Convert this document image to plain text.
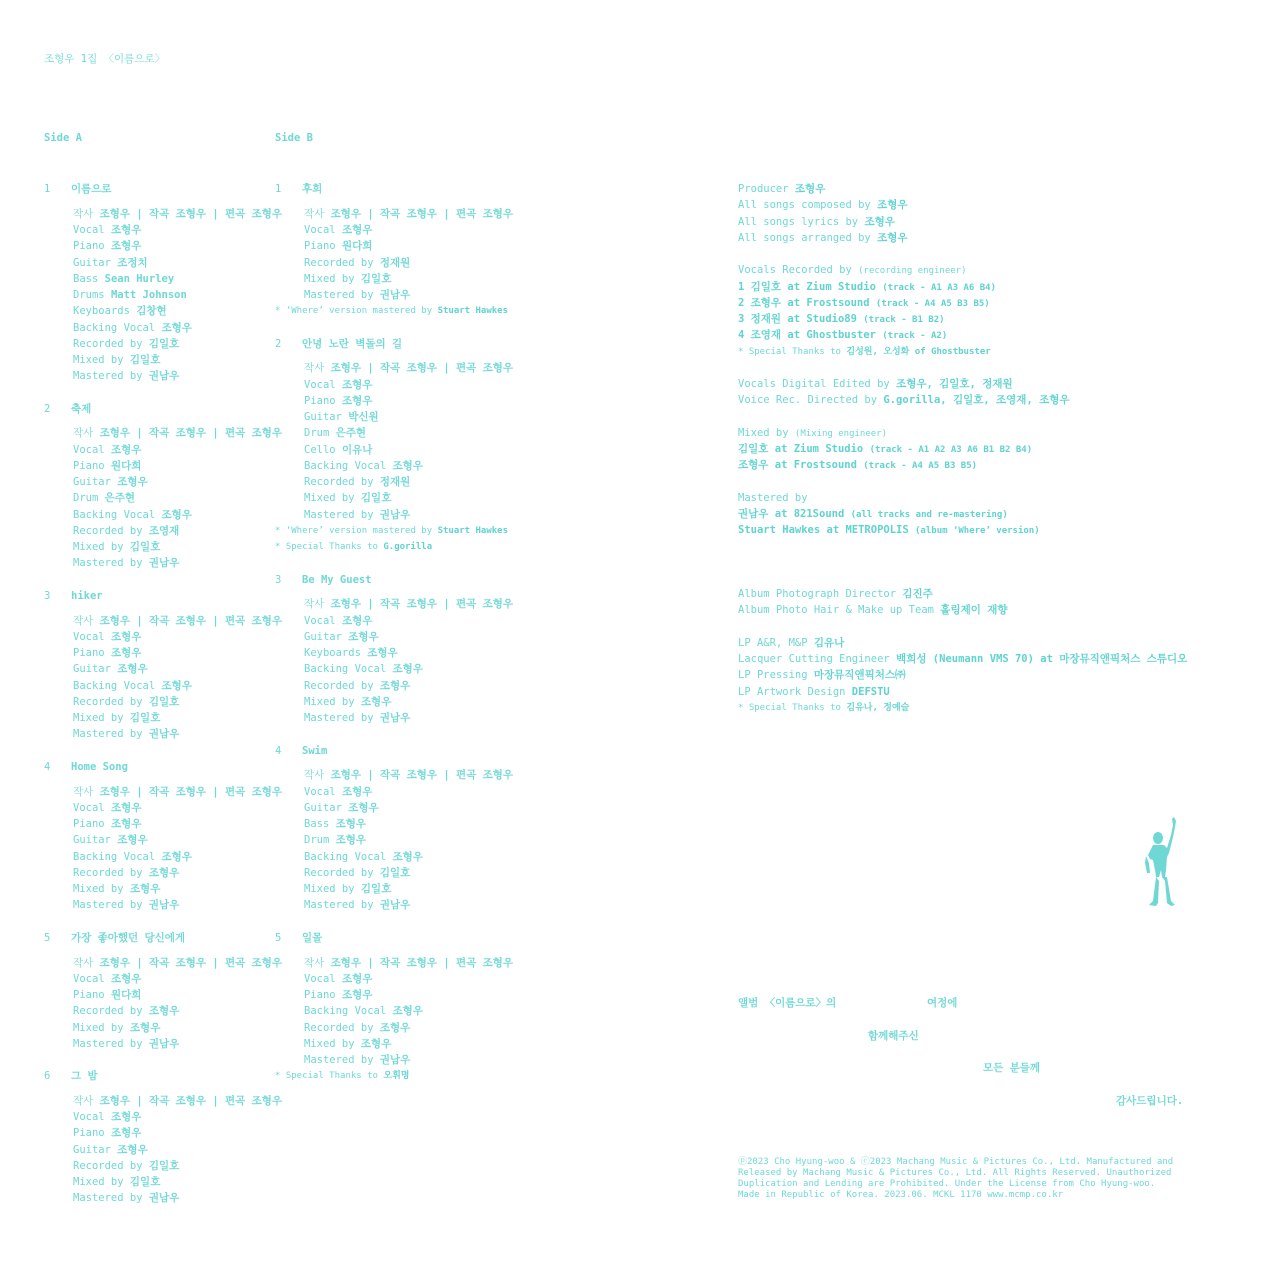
조형우 1집 〈이름으로〉
Side A	Side B
1 이름으로
작사 조형우 | 작곡 조형우 | 편곡 조형우
Vocal 조형우
Piano 조형우
Guitar 조정치
Bass Sean Hurley
Drums Matt Johnson
Keyboards 김창현
Backing Vocal 조형우
Recorded by 김일호
Mixed by 김일호
Mastered by 권남우
2 축제
작사 조형우 | 작곡 조형우 | 편곡 조형우
Vocal 조형우
Piano 원다희
Guitar 조형우
Drum 은주현
Backing Vocal 조형우
Recorded by 조영재
Mixed by 김일호
Mastered by 권남우
3 hiker
작사 조형우 | 작곡 조형우 | 편곡 조형우
Vocal 조형우
Piano 조형우
Guitar 조형우
Backing Vocal 조형우
Recorded by 김일호
Mixed by 김일호
Mastered by 권남우
4 Home Song
작사 조형우 | 작곡 조형우 | 편곡 조형우
Vocal 조형우
Piano 조형우
Guitar 조형우
Backing Vocal 조형우
Recorded by 조형우
Mixed by 조형우
Mastered by 권남우
5 가장 좋아했던 당신에게
작사 조형우 | 작곡 조형우 | 편곡 조형우
Vocal 조형우
Piano 원다희
Recorded by 조형우
Mixed by 조형우
Mastered by 권남우
6 그 밤
작사 조형우 | 작곡 조형우 | 편곡 조형우
Vocal 조형우
Piano 조형우
Guitar 조형우
Recorded by 김일호
Mixed by 김일호
Mastered by 권남우
1 후회
작사 조형우 | 작곡 조형우 | 편곡 조형우
Vocal 조형우
Piano 원다희
Recorded by 정재원
Mixed by 김일호
Mastered by 권남우
* ‘Where’ version mastered by Stuart Hawkes
2 안녕 노란 벽돌의 길
작사 조형우 | 작곡 조형우 | 편곡 조형우
Vocal 조형우
Piano 조형우
Guitar 박신원
Drum 은주현
Cello 이유나
Backing Vocal 조형우
Recorded by 정재원
Mixed by 김일호
Mastered by 권남우
* ‘Where’ version mastered by Stuart Hawkes
* Special Thanks to G.gorilla
3 Be My Guest
작사 조형우 | 작곡 조형우 | 편곡 조형우
Vocal 조형우
Guitar 조형우
Keyboards 조형우
Backing Vocal 조형우
Recorded by 조형우
Mixed by 조형우
Mastered by 권남우
4 Swim
작사 조형우 | 작곡 조형우 | 편곡 조형우
Vocal 조형우
Guitar 조형우
Bass 조형우
Drum 조형우
Backing Vocal 조형우
Recorded by 김일호
Mixed by 김일호
Mastered by 권남우
5 일몰
작사 조형우 | 작곡 조형우 | 편곡 조형우
Vocal 조형우
Piano 조형우
Backing Vocal 조형우
Recorded by 조형우
Mixed by 조형우
Mastered by 권남우
* Special Thanks to 오휘명
Producer 조형우
All songs composed by 조형우
All songs lyrics by 조형우
All songs arranged by 조형우
Vocals Recorded by (recording engineer)
1 김일호 at Zium Studio (track - A1 A3 A6 B4)
2 조형우 at Frostsound (track - A4 A5 B3 B5)
3 정재원 at Studio89 (track - B1 B2)
4 조영재 at Ghostbuster (track - A2)
* Special Thanks to 김성원, 오성화 of Ghostbuster
Vocals Digital Edited by 조형우, 김일호, 정재원
Voice Rec. Directed by G.gorilla, 김일호, 조영재, 조형우
Mixed by (Mixing engineer)
김일호 at Zium Studio (track - A1 A2 A3 A6 B1 B2 B4)
조형우 at Frostsound (track - A4 A5 B3 B5)
Mastered by
권남우 at 821Sound (all tracks and re-mastering)
Stuart Hawkes at METROPOLIS (album ‘Where’ version)
Album Photograph Director 김진주
Album Photo Hair & Make up Team 홀링제이 재향
LP A&R, M&P 김유나
Lacquer Cutting Engineer 백희성 (Neumann VMS 70) at 마장뮤직앤픽처스 스튜디오
LP Pressing 마장뮤직앤픽처스㈜
LP Artwork Design DEFSTU
* Special Thanks to 김유나, 정예슬
앨범 〈이름으로〉의	여정에
함께해주신
모든 분들께
감사드립니다.
ⓟ2023 Cho Hyung-woo & ⓒ2023 Machang Music & Pictures Co., Ltd. Manufactured and Released by Machang Music & Pictures Co., Ltd. All Rights Reserved. Unauthorized Duplication and Lending are Prohibited. Under the License from Cho Hyung-woo. Made in Republic of Korea. 2023.06. MCKL 1170 www.mcmp.co.kr
